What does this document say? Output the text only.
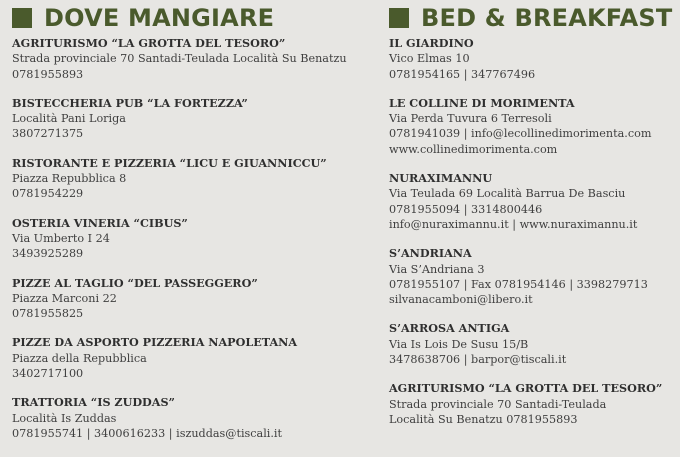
DOVE MANGIARE
AGRITURISMO “LA GROTTA DEL TESORO”
Strada provinciale 70 Santadi-Teulada Località Su Benatzu
0781955893
BISTECCHERIA PUB “LA FORTEZZA”
Località Pani Loriga
3807271375
RISTORANTE E PIZZERIA “LICU E GIUANNICCU”
Piazza Repubblica 8
0781954229
OSTERIA VINERIA “CIBUS”
Via Umberto I 24
3493925289
PIZZE AL TAGLIO “DEL PASSEGGERO”
Piazza Marconi 22
0781955825
PIZZE DA ASPORTO PIZZERIA NAPOLETANA
Piazza della Repubblica
3402717100
TRATTORIA “IS ZUDDAS”
Località Is Zuddas
0781955741 | 3400616233 | iszuddas@tiscali.it
BED & BREAKFAST
IL GIARDINO
Vico Elmas 10
0781954165 | 347767496
LE COLLINE DI MORIMENTA
Via Perda Tuvura 6 Terresoli
0781941039 | info@lecollinedimorimenta.com
www.collinedimorimenta.com
NURAXIMANNU
Via Teulada 69 Località Barrua De Basciu
0781955094 | 3314800446
info@nuraximannu.it | www.nuraximannu.it
S’ANDRIANA
Via S’Andriana 3
0781955107 | Fax 0781954146 | 3398279713
silvanacamboni@libero.it
S’ARROSA ANTIGA
Via Is Lois De Susu 15/B
3478638706 | barpor@tiscali.it
AGRITURISMO “LA GROTTA DEL TESORO”
Strada provinciale 70 Santadi-Teulada
Località Su Benatzu 0781955893
